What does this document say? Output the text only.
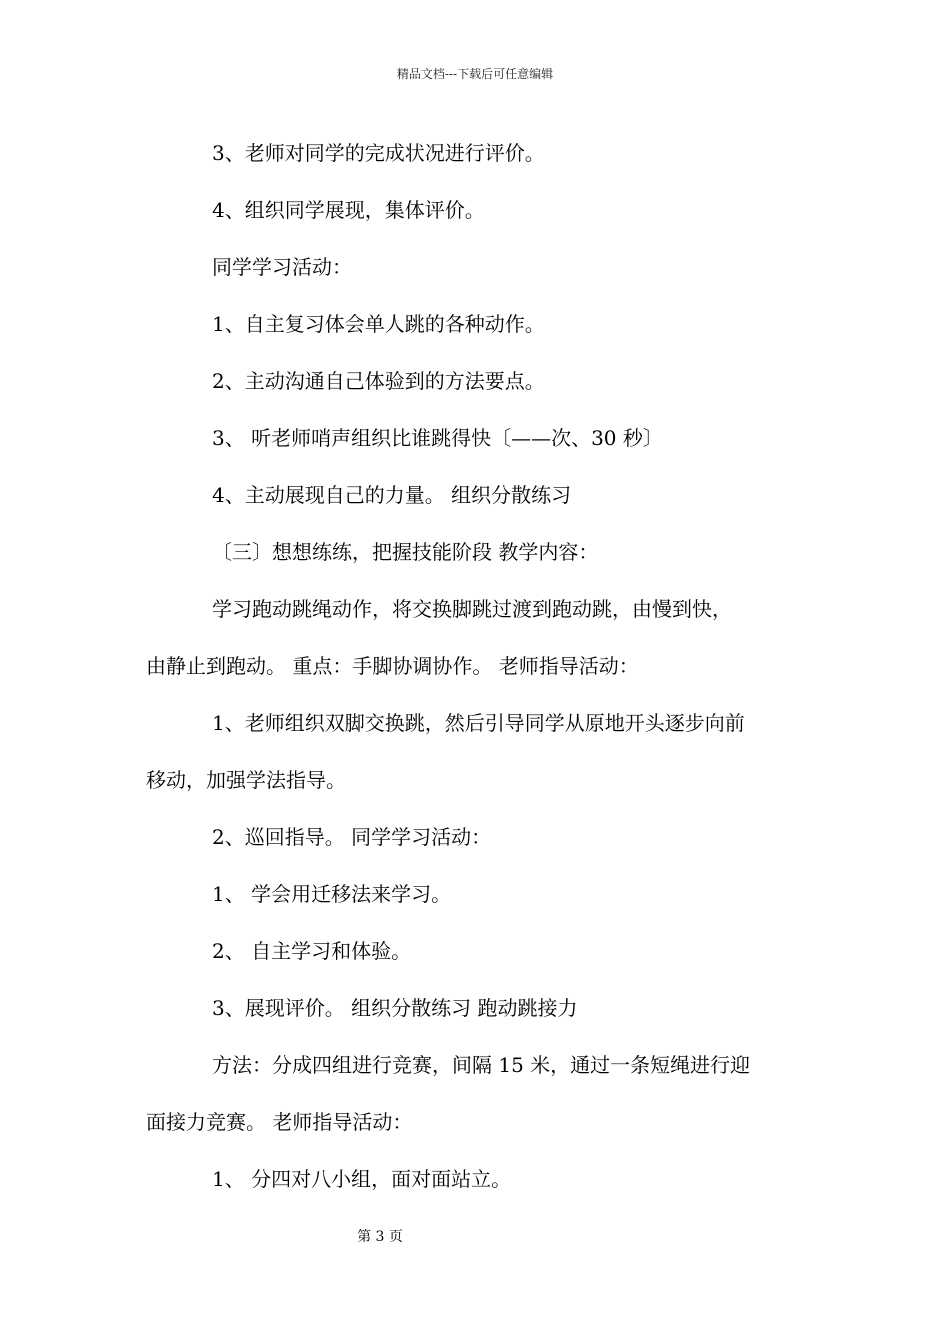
精品文档---下载后可任意编辑
3、老师对同学的完成状况进行评价。
4、组织同学展现，集体评价。
同学学习活动：
1、自主复习体会单人跳的各种动作。
2、主动沟通自己体验到的方法要点。
3、 听老师哨声组织比谁跳得快〔——次、30 秒〕
4、主动展现自己的力量。 组织分散练习
〔三〕想想练练，把握技能阶段 教学内容：
学习跑动跳绳动作，将交换脚跳过渡到跑动跳，由慢到快，
由静止到跑动。 重点：手脚协调协作。 老师指导活动：
1、老师组织双脚交换跳，然后引导同学从原地开头逐步向前
移动，加强学法指导。
2、巡回指导。 同学学习活动：
1、 学会用迁移法来学习。
2、 自主学习和体验。
3、展现评价。 组织分散练习 跑动跳接力
方法：分成四组进行竞赛，间隔 15 米，通过一条短绳进行迎
面接力竞赛。 老师指导活动：
1、 分四对八小组，面对面站立。
第 3 页
